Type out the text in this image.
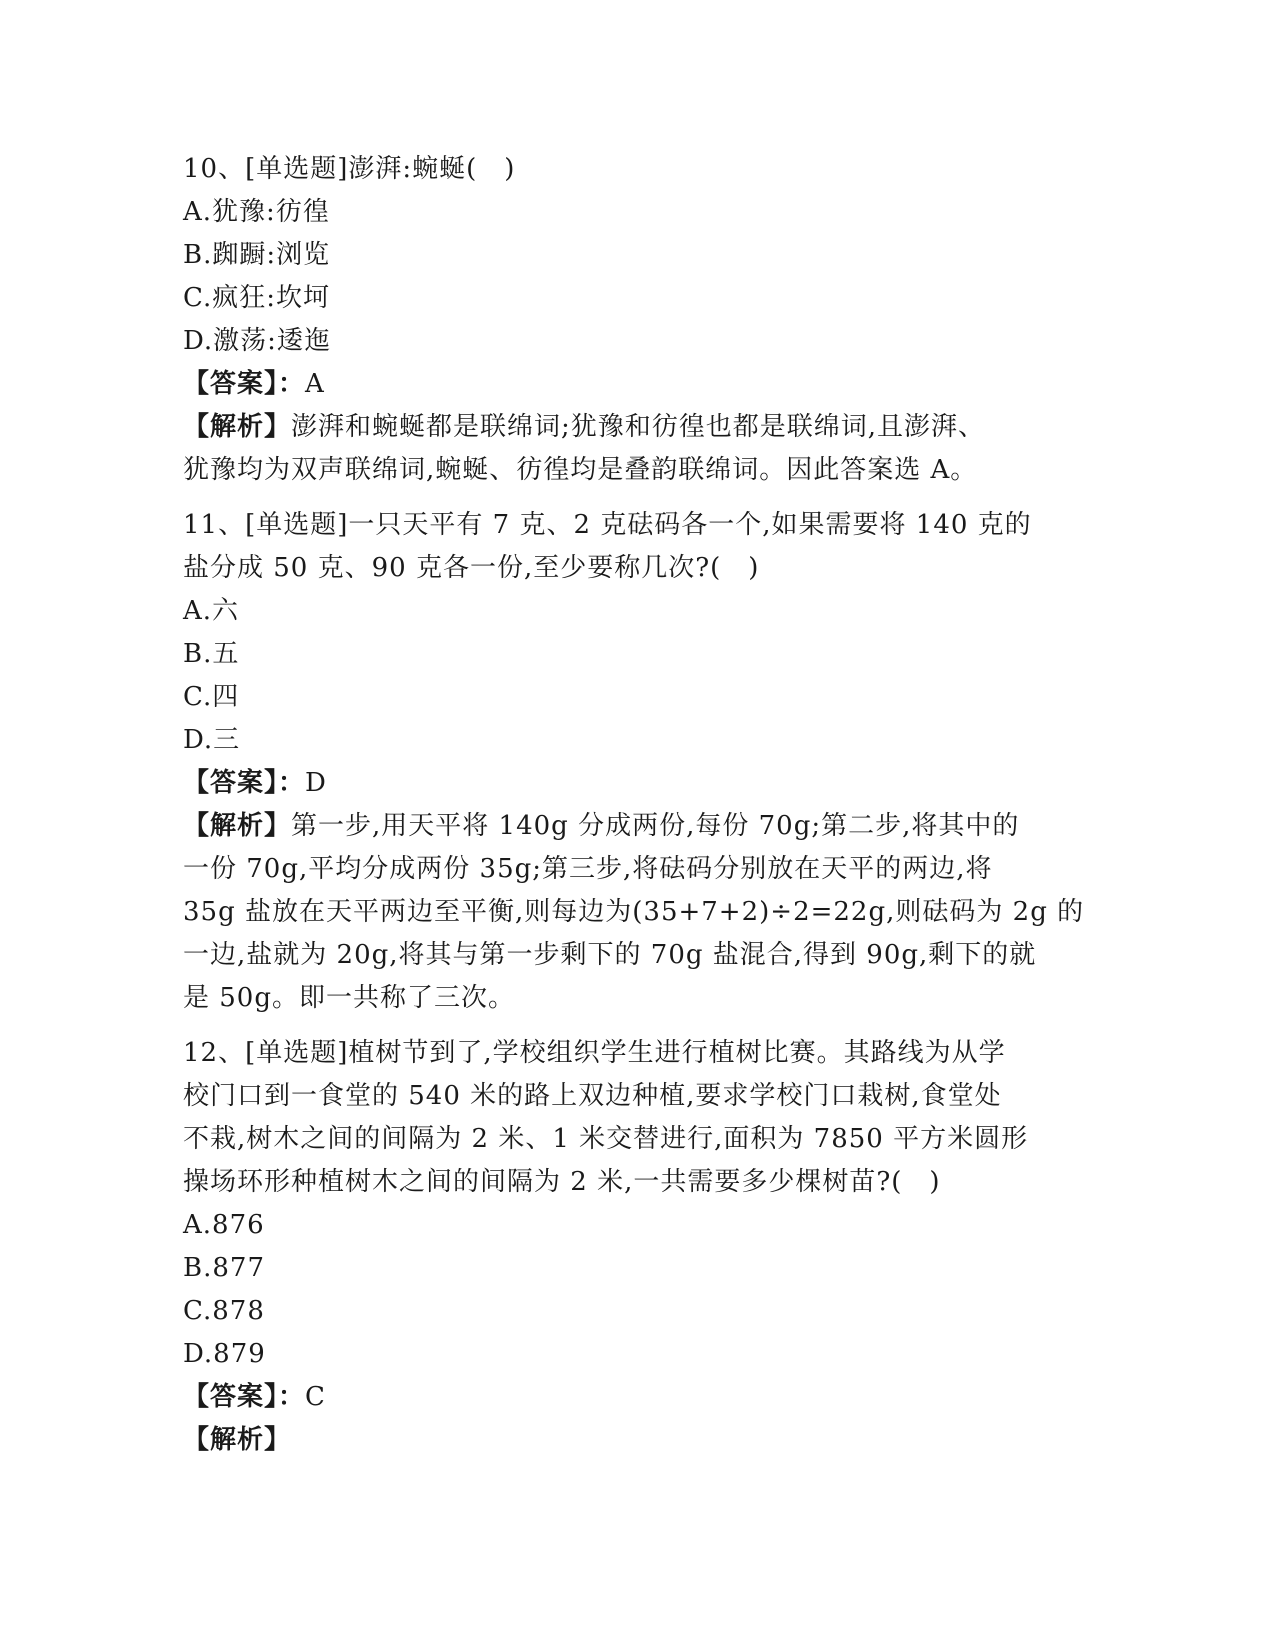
10、[单选题]澎湃:蜿蜒(　)
A.犹豫:彷徨
B.踟蹰:浏览
C.疯狂:坎坷
D.激荡:逶迤
【答案】：A
【解析】澎湃和蜿蜒都是联绵词;犹豫和彷徨也都是联绵词,且澎湃、
犹豫均为双声联绵词,蜿蜒、彷徨均是叠韵联绵词。因此答案选 A。
11、[单选题]一只天平有 7 克、2 克砝码各一个,如果需要将 140 克的
盐分成 50 克、90 克各一份,至少要称几次?(　)
A.六
B.五
C.四
D.三
【答案】：D
【解析】第一步,用天平将 140g 分成两份,每份 70g;第二步,将其中的
一份 70g,平均分成两份 35g;第三步,将砝码分别放在天平的两边,将
35g 盐放在天平两边至平衡,则每边为(35+7+2)÷2=22g,则砝码为 2g 的
一边,盐就为 20g,将其与第一步剩下的 70g 盐混合,得到 90g,剩下的就
是 50g。即一共称了三次。
12、[单选题]植树节到了,学校组织学生进行植树比赛。其路线为从学
校门口到一食堂的 540 米的路上双边种植,要求学校门口栽树,食堂处
不栽,树木之间的间隔为 2 米、1 米交替进行,面积为 7850 平方米圆形
操场环形种植树木之间的间隔为 2 米,一共需要多少棵树苗?(　)
A.876
B.877
C.878
D.879
【答案】：C
【解析】
